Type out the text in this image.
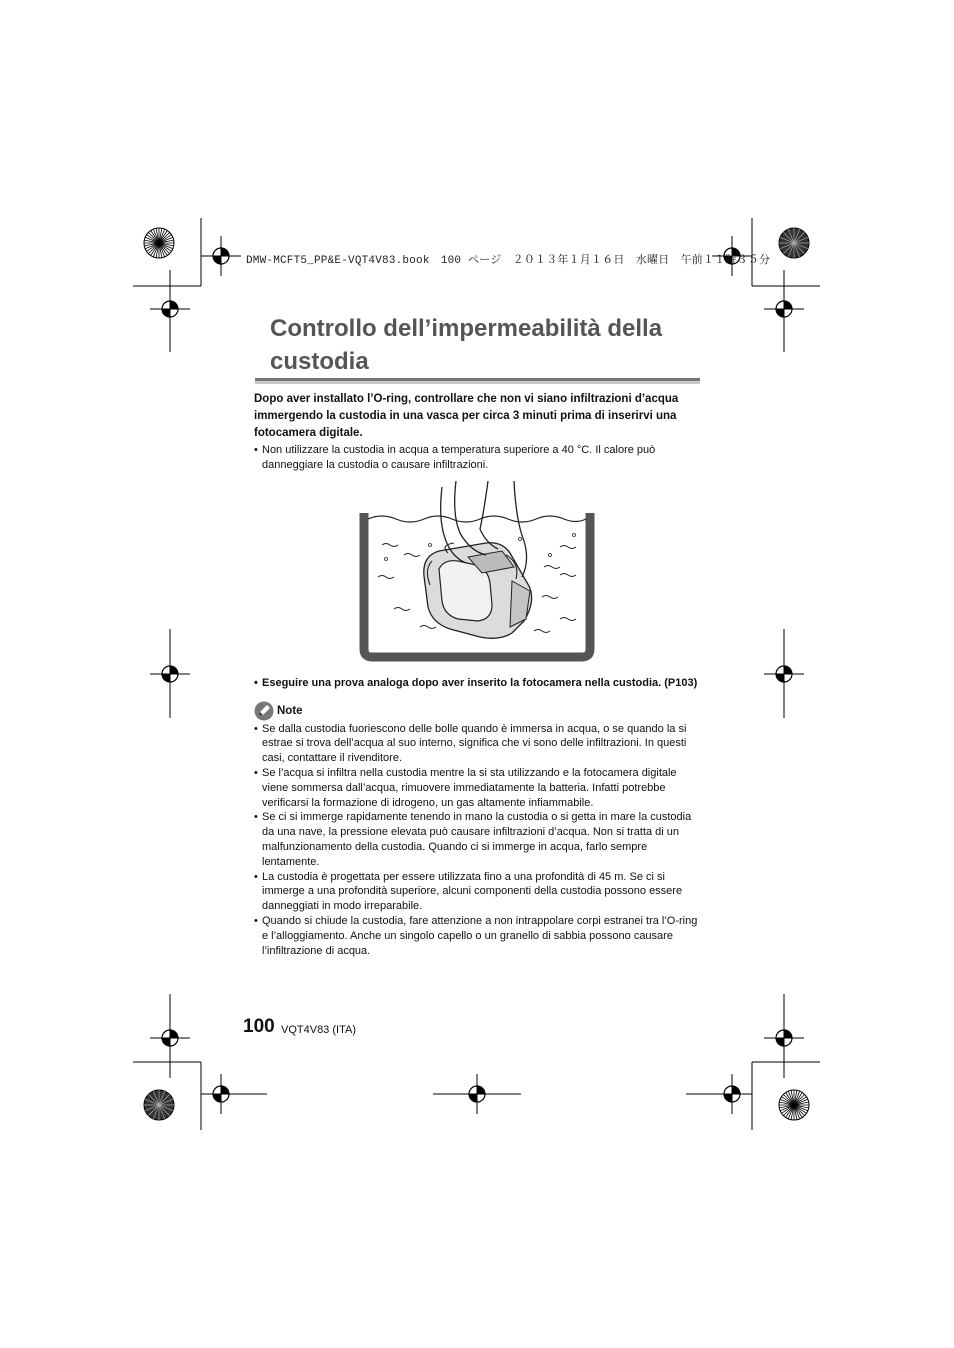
DMW-MCFT5_PP&E-VQT4V83.book　100 ページ　２０１３年１月１６日　水曜日　午前１１時３５分
Controllo dell’impermeabilità della custodia

Dopo aver installato l’O-ring, controllare che non vi siano infiltrazioni d’acqua immergendo la custodia in una vasca per circa 3 minuti prima di inserirvi una fotocamera digitale.

• Non utilizzare la custodia in acqua a temperatura superiore a 40 °C. Il calore può danneggiare la custodia o causare infiltrazioni.
• Eseguire una prova analoga dopo aver inserito la fotocamera nella custodia. (P103)
Note
• Se dalla custodia fuoriescono delle bolle quando è immersa in acqua, o se quando la si estrae si trova dell’acqua al suo interno, significa che vi sono delle infiltrazioni. In questi casi, contattare il rivenditore.
• Se l’acqua si infiltra nella custodia mentre la si sta utilizzando e la fotocamera digitale viene sommersa dall’acqua, rimuovere immediatamente la batteria. Infatti potrebbe verificarsi la formazione di idrogeno, un gas altamente infiammabile.
• Se ci si immerge rapidamente tenendo in mano la custodia o si getta in mare la custodia da una nave, la pressione elevata può causare infiltrazioni d’acqua. Non si tratta di un malfunzionamento della custodia. Quando ci si immerge in acqua, farlo sempre lentamente.
• La custodia è progettata per essere utilizzata fino a una profondità di 45 m. Se ci si immerge a una profondità superiore, alcuni componenti della custodia possono essere danneggiati in modo irreparabile.
• Quando si chiude la custodia, fare attenzione a non intrappolare corpi estranei tra l’O-ring e l’alloggiamento. Anche un singolo capello o un granello di sabbia possono causare l’infiltrazione di acqua.
100 VQT4V83 (ITA)
